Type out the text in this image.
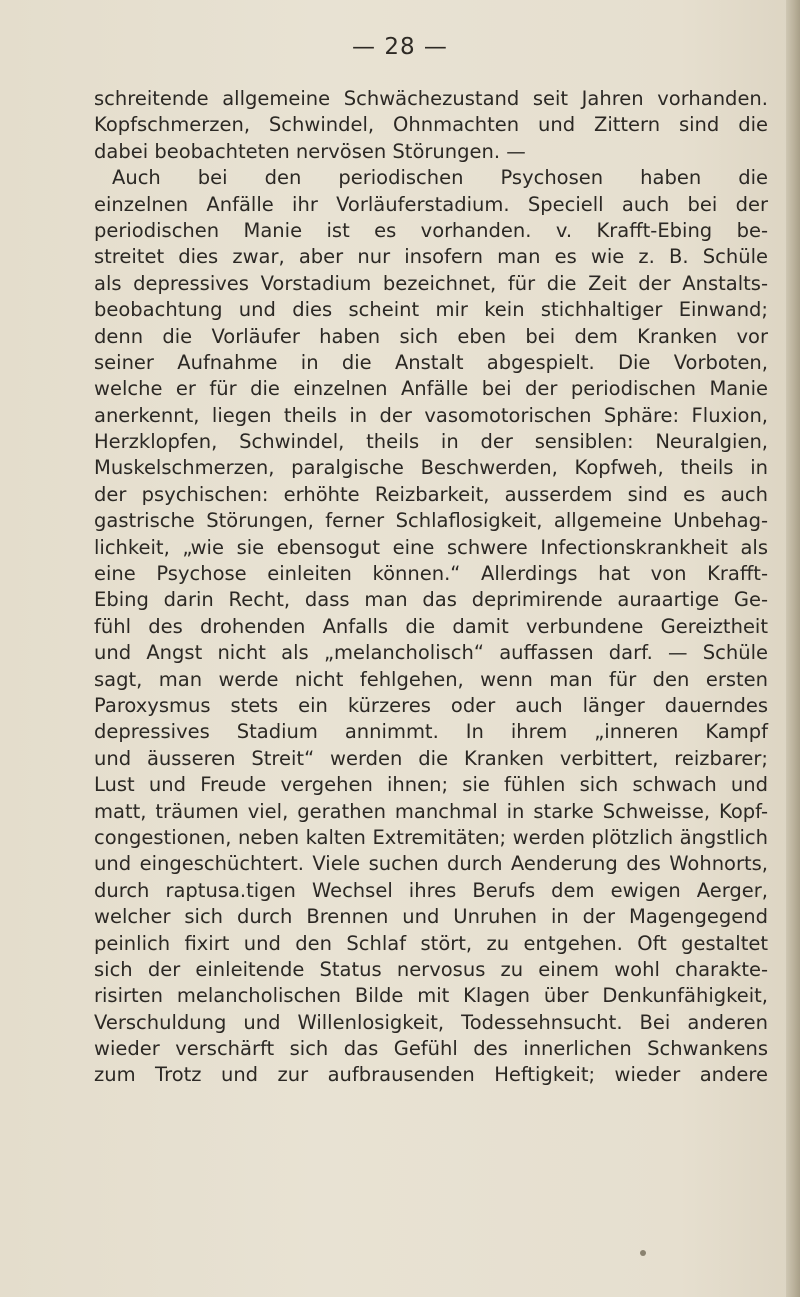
— 28 —
schreitende allgemeine Schwächezustand seit Jahren vorhanden.
Kopfschmerzen, Schwindel, Ohnmachten und Zittern sind die
dabei beobachteten nervösen Störungen. —
Auch bei den periodischen Psychosen haben die
einzelnen Anfälle ihr Vorläuferstadium. Speciell auch bei der
periodischen Manie ist es vorhanden. v. Krafft-Ebing be-
streitet dies zwar, aber nur insofern man es wie z. B. Schüle
als depressives Vorstadium bezeichnet, für die Zeit der Anstalts-
beobachtung und dies scheint mir kein stichhaltiger Einwand;
denn die Vorläufer haben sich eben bei dem Kranken vor
seiner Aufnahme in die Anstalt abgespielt. Die Vorboten,
welche er für die einzelnen Anfälle bei der periodischen Manie
anerkennt, liegen theils in der vasomotorischen Sphäre: Fluxion,
Herzklopfen, Schwindel, theils in der sensiblen: Neuralgien,
Muskelschmerzen, paralgische Beschwerden, Kopfweh, theils in
der psychischen: erhöhte Reizbarkeit, ausserdem sind es auch
gastrische Störungen, ferner Schlaflosigkeit, allgemeine Unbehag-
lichkeit, „wie sie ebensogut eine schwere Infectionskrankheit als
eine Psychose einleiten können.“ Allerdings hat von Krafft-
Ebing darin Recht, dass man das deprimirende auraartige Ge-
fühl des drohenden Anfalls die damit verbundene Gereiztheit
und Angst nicht als „melancholisch“ auffassen darf. — Schüle
sagt, man werde nicht fehlgehen, wenn man für den ersten
Paroxysmus stets ein kürzeres oder auch länger dauerndes
depressives Stadium annimmt. In ihrem „inneren Kampf
und äusseren Streit“ werden die Kranken verbittert, reizbarer;
Lust und Freude vergehen ihnen; sie fühlen sich schwach und
matt, träumen viel, gerathen manchmal in starke Schweisse, Kopf-
congestionen, neben kalten Extremitäten; werden plötzlich ängstlich
und eingeschüchtert. Viele suchen durch Aenderung des Wohnorts,
durch raptusa.tigen Wechsel ihres Berufs dem ewigen Aerger,
welcher sich durch Brennen und Unruhen in der Magengegend
peinlich fixirt und den Schlaf stört, zu entgehen. Oft gestaltet
sich der einleitende Status nervosus zu einem wohl charakte-
risirten melancholischen Bilde mit Klagen über Denkunfähigkeit,
Verschuldung und Willenlosigkeit, Todessehnsucht. Bei anderen
wieder verschärft sich das Gefühl des innerlichen Schwankens
zum Trotz und zur aufbrausenden Heftigkeit; wieder andere
